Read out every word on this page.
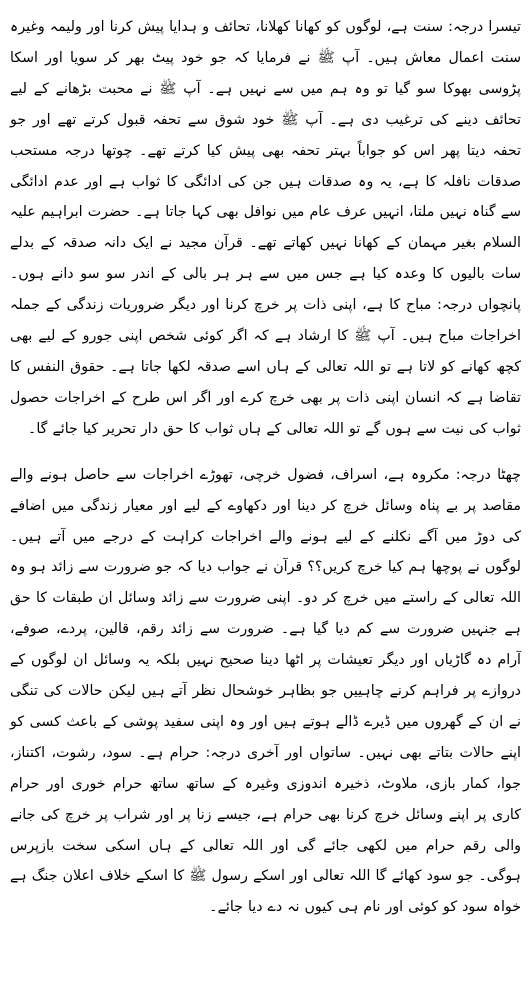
تیسرا درجہ: سنت ہے، لوگوں کو کھانا کھلانا، تحائف و ہدایا پیش کرنا اور ولیمہ وغیرہ سنت اعمال معاش ہیں۔ آپ ﷺ نے فرمایا کہ جو خود پیٹ بھر کر سویا اور اسکا پڑوسی بھوکا سو گیا تو وہ ہم میں سے نہیں ہے۔ آپ ﷺ نے محبت بڑھانے کے لیے تحائف دینے کی ترغیب دی ہے۔ آپ ﷺ خود شوق سے تحفہ قبول کرتے تھے اور جو تحفہ دیتا پھر اس کو جواباً بہتر تحفہ بھی پیش کیا کرتے تھے۔ چوتھا درجہ مستحب صدقات نافلہ کا ہے، یہ وہ صدقات ہیں جن کی ادائگی کا ثواب ہے اور عدم ادائگی سے گناہ نہیں ملتا، انہیں عرف عام میں نوافل بھی کہا جاتا ہے۔ حضرت ابراہیم علیہ السلام بغیر مہمان کے کھانا نہیں کھاتے تھے۔ قرآن مجید نے ایک دانہ صدقہ کے بدلے سات بالیوں کا وعدہ کیا ہے جس میں سے ہر ہر بالی کے اندر سو سو دانے ہوں۔ پانچواں درجہ: مباح کا ہے، اپنی ذات پر خرچ کرنا اور دیگر ضروریات زندگی کے جملہ اخراجات مباح ہیں۔ آپ ﷺ کا ارشاد ہے کہ اگر کوئی شخص اپنی جورو کے لیے بھی کچھ کھانے کو لاتا ہے تو اللہ تعالی کے ہاں اسے صدقہ لکھا جاتا ہے۔ حقوق النفس کا تقاضا ہے کہ انسان اپنی ذات پر بھی خرچ کرے اور اگر اس طرح کے اخراجات حصول ثواب کی نیت سے ہوں گے تو اللہ تعالی کے ہاں ثواب کا حق دار تحریر کیا جائے گا۔

چھٹا درجہ: مکروہ ہے، اسراف، فضول خرچی، تھوڑے اخراجات سے حاصل ہونے والے مقاصد پر بے پناہ وسائل خرچ کر دینا اور دکھاوے کے لیے اور معیار زندگی میں اضافے کی دوڑ میں آگے نکلنے کے لیے ہونے والے اخراجات کراہت کے درجے میں آتے ہیں۔ لوگوں نے پوچھا ہم کیا خرچ کریں؟؟ قرآن نے جواب دیا کہ جو ضرورت سے زائد ہو وہ اللہ تعالی کے راستے میں خرچ کر دو۔ اپنی ضرورت سے زائد وسائل ان طبقات کا حق ہے جنہیں ضرورت سے کم دیا گیا ہے۔ ضرورت سے زائد رقم، قالین، پردے، صوفے، آرام دہ گاڑیاں اور دیگر تعیشات پر اٹھا دینا صحیح نہیں بلکہ یہ وسائل ان لوگوں کے دروازے پر فراہم کرنے چاہییں جو بظاہر خوشحال نظر آتے ہیں لیکن حالات کی تنگی نے ان کے گھروں میں ڈیرے ڈالے ہوتے ہیں اور وہ اپنی سفید پوشی کے باعث کسی کو اپنے حالات بتاتے بھی نہیں۔ ساتواں اور آخری درجہ: حرام ہے۔ سود، رشوت، اکتناز، جوا، کمار بازی، ملاوٹ، ذخیرہ اندوزی وغیرہ کے ساتھ ساتھ حرام خوری اور حرام کاری پر اپنے وسائل خرچ کرنا بھی حرام ہے، جیسے زنا پر اور شراب پر خرچ کی جانے والی رقم حرام میں لکھی جائے گی اور اللہ تعالی کے ہاں اسکی سخت بازپرس ہوگی۔ جو سود کھائے گا اللہ تعالی اور اسکے رسول ﷺ کا اسکے خلاف اعلان جنگ ہے خواہ سود کو کوئی اور نام ہی کیوں نہ دے دیا جائے۔
